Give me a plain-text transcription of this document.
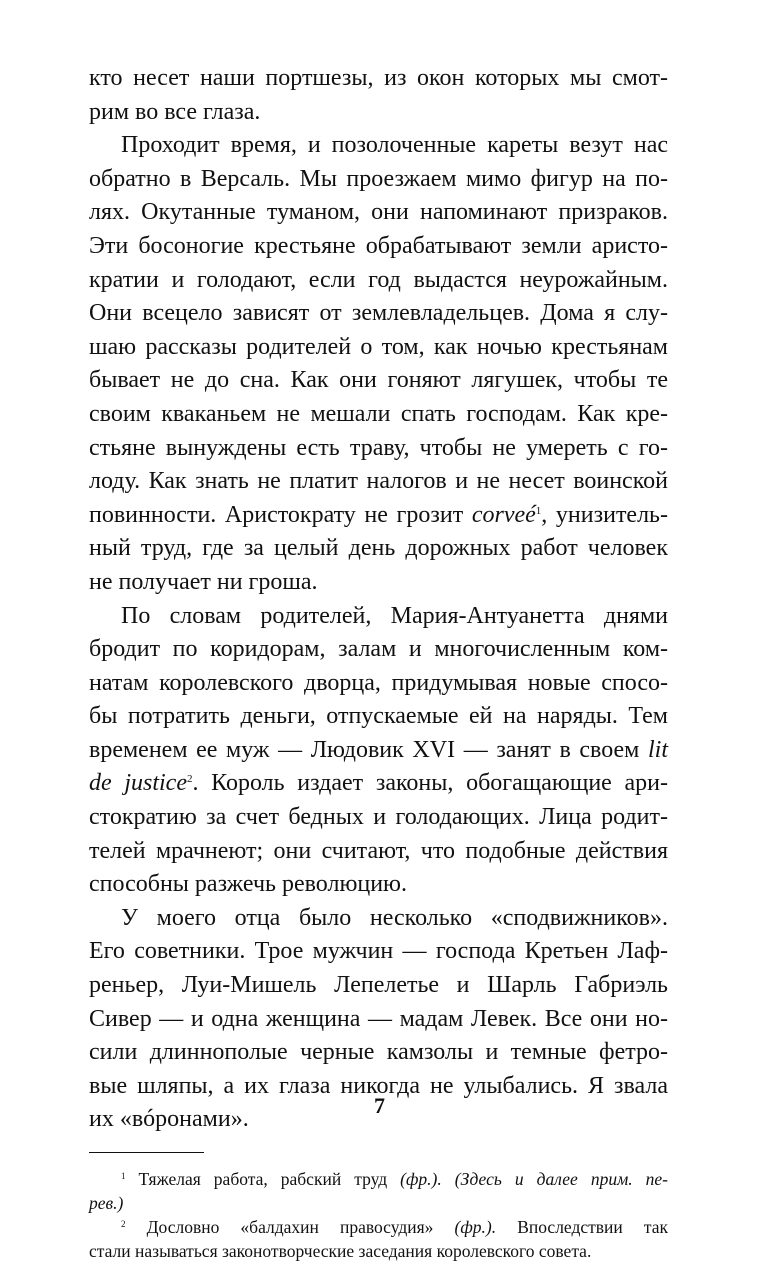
кто несет наши портшезы, из окон которых мы смот-
рим во все глаза.
Проходит время, и позолоченные кареты везут нас
обратно в Версаль. Мы проезжаем мимо фигур на по-
лях. Окутанные туманом, они напоминают призраков.
Эти босоногие крестьяне обрабатывают земли аристо-
кратии и голодают, если год выдастся неурожайным.
Они всецело зависят от землевладельцев. Дома я слу-
шаю рассказы родителей о том, как ночью крестьянам
бывает не до сна. Как они гоняют лягушек, чтобы те
своим кваканьем не мешали спать господам. Как кре-
стьяне вынуждены есть траву, чтобы не умереть с го-
лоду. Как знать не платит налогов и не несет воинской
повинности. Аристократу не грозит corveé$^1$, унизитель-
ный труд, где за целый день дорожных работ человек
не получает ни гроша.
По словам родителей, Мария-Антуанетта днями
бродит по коридорам, залам и многочисленным ком-
натам королевского дворца, придумывая новые спосо-
бы потратить деньги, отпускаемые ей на наряды. Тем
временем ее муж — Людовик XVI — занят в своем lit
de justice$^2$. Король издает законы, обогащающие ари-
стократию за счет бедных и голодающих. Лица родит-
телей мрачнеют; они считают, что подобные действия
способны разжечь революцию.
У моего отца было несколько «сподвижников».
Его советники. Трое мужчин — господа Кретьен Лаф-
реньер, Луи-Мишель Лепелетье и Шарль Габриэль
Сивер — и одна женщина — мадам Левек. Все они но-
сили длиннополые черные камзолы и темные фетро-
вые шляпы, а их глаза никогда не улыбались. Я звала
их «вóронами».
$^1$ Тяжелая работа, рабский труд (фр.). (Здесь и далее прим. пе-
рев.)
$^2$ Дословно «балдахин правосудия» (фр.). Впоследствии так
стали называться законотворческие заседания королевского совета.
7
